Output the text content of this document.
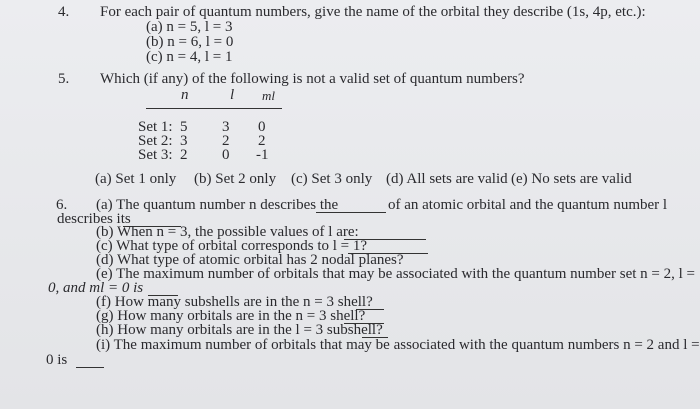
4. For each pair of quantum numbers, give the name of the orbital they describe (1s, 4p, etc.):
(a) n = 5, l = 3
(b) n = 6, l = 0
(c) n = 4, l = 1
5. Which (if any) of the following is not a valid set of quantum numbers?
n	l ml
Set 1: 5 3 0
Set 2: 3 2 2
Set 3: 2 0 -1
(a) Set 1 only (b) Set 2 only (c) Set 3 only (d) All sets are valid (e) No sets are valid
6. (a) The quantum number n describes the	of an atomic orbital and the quantum number l
describes its
(b) When n = 3, the possible values of l are:
(c) What type of orbital corresponds to l = 1?
(d) What type of atomic orbital has 2 nodal planes?
(e) The maximum number of orbitals that may be associated with the quantum number set n = 2, l =
0, and ml = 0 is
(f) How many subshells are in the n = 3 shell?
(g) How many orbitals are in the n = 3 shell?
(h) How many orbitals are in the l = 3 subshell?
(i) The maximum number of orbitals that may be associated with the quantum numbers n = 2 and l =
0 is
